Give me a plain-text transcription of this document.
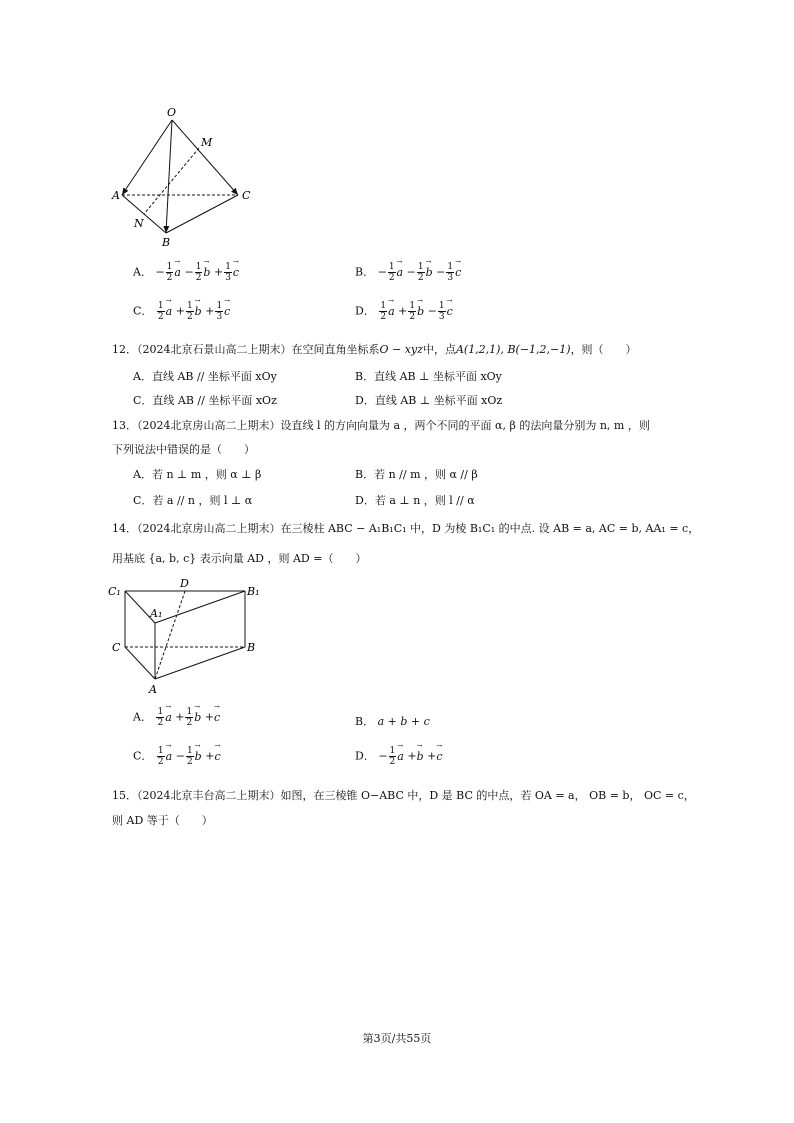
O
M
A	C
N
B
A． − $\frac{1}{2} \to a - \frac{1}{2} \to b + \frac{1}{3} \to c$	B． − $\frac{1}{2} \to a - \frac{1}{2} \to b - \frac{1}{3} \to c$
C． $\frac{1}{2} \to a + \frac{1}{2} \to b + \frac{1}{3} \to c$	D． $\frac{1}{2} \to a + \frac{1}{2} \to b - \frac{1}{3} \to c$
12．（2024北京石景山高二上期末）在空间直角坐标系O − xyz中，点A(1,2,1), B(−1,2,−1)，则（　　）
A．直线 AB // 坐标平面 xOy	B．直线 AB ⊥ 坐标平面 xOy
C．直线 AB // 坐标平面 xOz	D．直线 AB ⊥ 坐标平面 xOz
13．（2024北京房山高二上期末）设直线 l 的方向向量为 a ，两个不同的平面 α, β 的法向量分别为 n, m ，则
下列说法中错误的是（　　）
A．若 n ⊥ m ，则 α ⊥ β	B．若 n // m ，则 α // β
C．若 a // n ，则 l ⊥ α	D．若 a ⊥ n ，则 l // α
14．（2024北京房山高二上期末）在三棱柱 ABC − A₁B₁C₁ 中，D 为棱 B₁C₁ 的中点. 设 AB = a, AC = b, AA₁ = c，
用基底 {a, b, c} 表示向量 AD ，则 AD =（　　）
C₁
D
B₁
A₁
C	B
A
A． $\frac{1}{2} \to a + \frac{1}{2} \to b +\to c$	B． a + b + c
C． $\frac{1}{2} \to a - \frac{1}{2} \to b +\to c$	D． − $\frac{1}{2} \to a +\to b +\to c$
15．（2024北京丰台高二上期末）如图，在三棱锥 O−ABC 中，D 是 BC 的中点，若 OA = a， OB = b， OC = c，
则 AD 等于（　　）
第3页/共55页
